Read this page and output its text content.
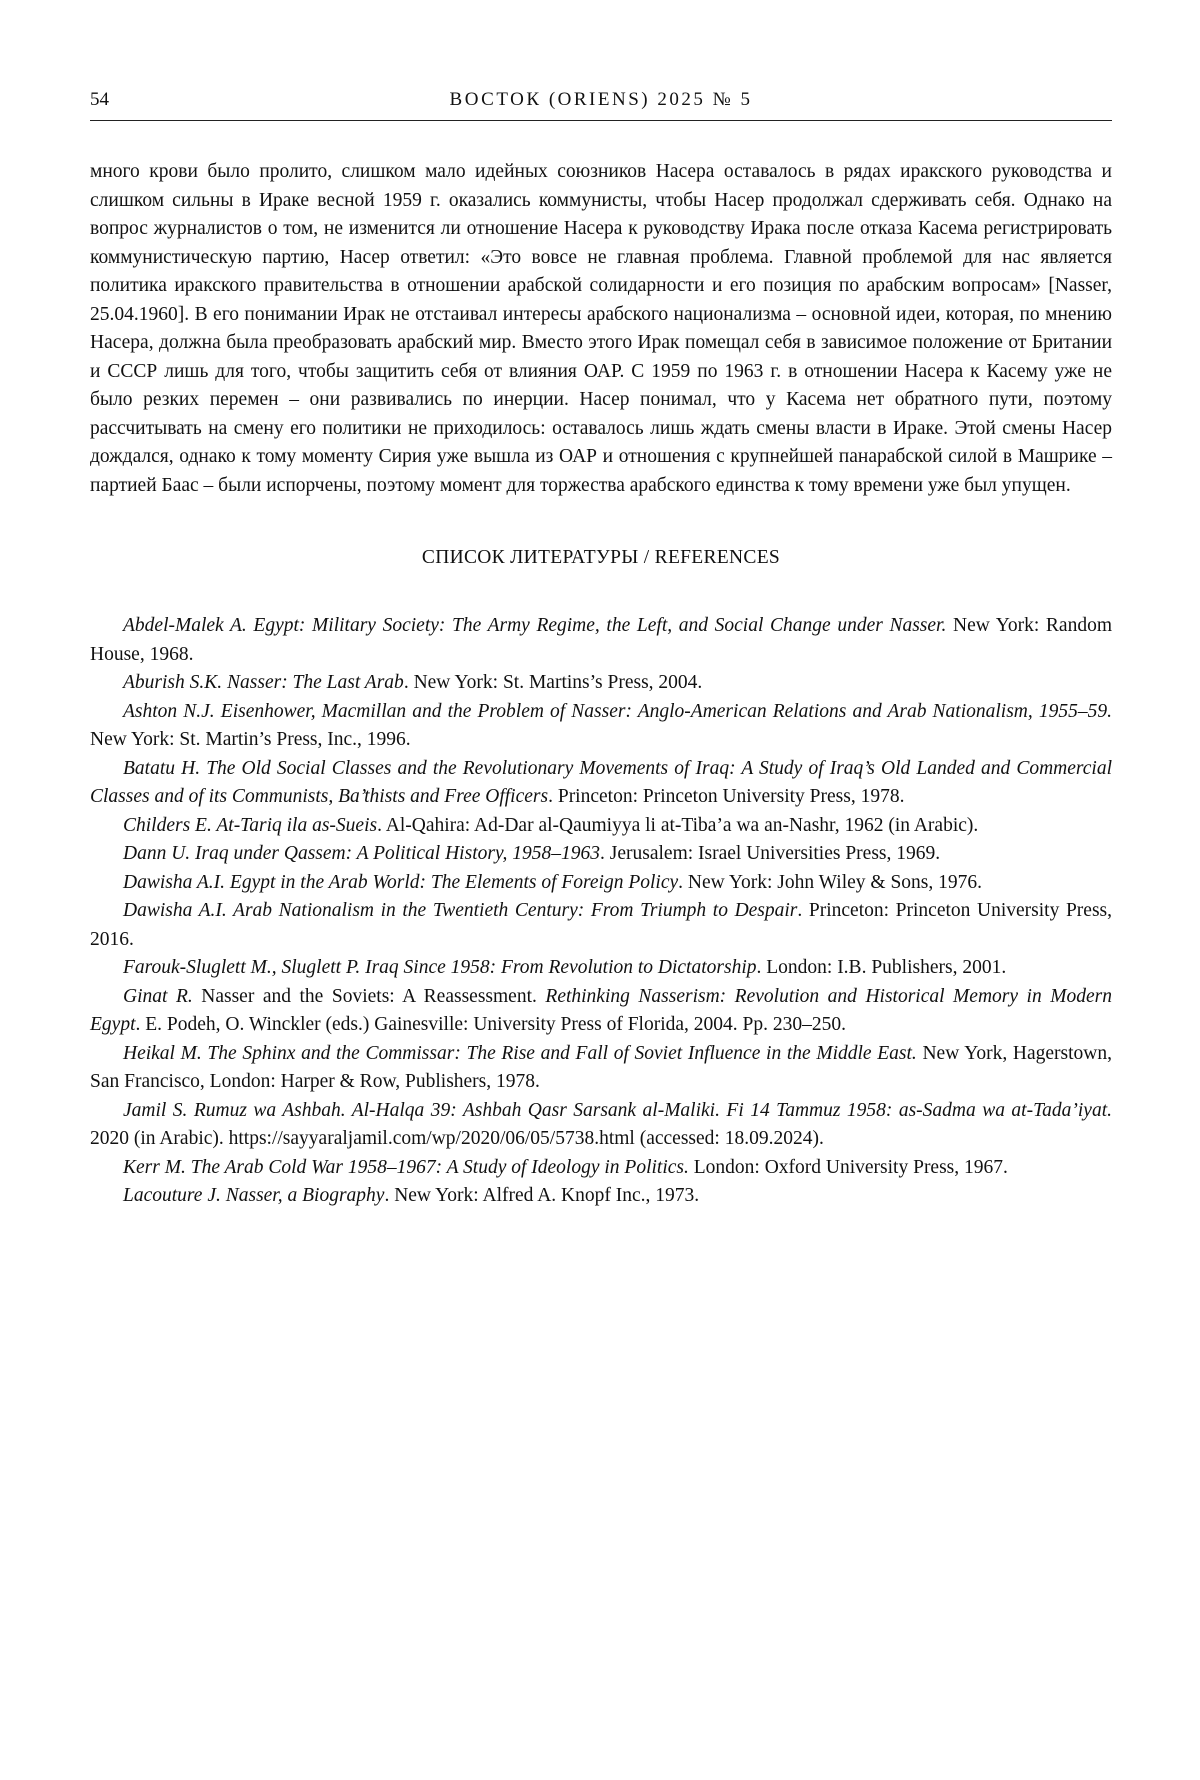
54	ВОСТОК (ORIENS) 2025 № 5

много крови было пролито, слишком мало идейных союзников Насера оставалось в рядах иракского руководства и слишком сильны в Ираке весной 1959 г. оказались коммунисты, чтобы Насер продолжал сдерживать себя. Однако на вопрос журналистов о том, не изменится ли отношение Насера к руководству Ирака после отказа Касема регистрировать коммунистическую партию, Насер ответил: «Это вовсе не главная проблема. Главной проблемой для нас является политика иракского правительства в отношении арабской солидарности и его позиция по арабским вопросам» [Nasser, 25.04.1960]. В его понимании Ирак не отстаивал интересы арабского национализма – основной идеи, которая, по мнению Насера, должна была преобразовать арабский мир. Вместо этого Ирак помещал себя в зависимое положение от Британии и СССР лишь для того, чтобы защитить себя от влияния ОАР. С 1959 по 1963 г. в отношении Насера к Касему уже не было резких перемен – они развивались по инерции. Насер понимал, что у Касема нет обратного пути, поэтому рассчитывать на смену его политики не приходилось: оставалось лишь ждать смены власти в Ираке. Этой смены Насер дождался, однако к тому моменту Сирия уже вышла из ОАР и отношения с крупнейшей панарабской силой в Машрике – партией Баас – были испорчены, поэтому момент для торжества арабского единства к тому времени уже был упущен.

СПИСОК ЛИТЕРАТУРЫ / REFERENCES

Abdel-Malek A. Egypt: Military Society: The Army Regime, the Left, and Social Change under Nasser. New York: Random House, 1968.

Aburish S.K. Nasser: The Last Arab. New York: St. Martins’s Press, 2004.

Ashton N.J. Eisenhower, Macmillan and the Problem of Nasser: Anglo-American Relations and Arab Nationalism, 1955–59. New York: St. Martin’s Press, Inc., 1996.

Batatu H. The Old Social Classes and the Revolutionary Movements of Iraq: A Study of Iraq’s Old Landed and Commercial Classes and of its Communists, Ba’thists and Free Officers. Princeton: Princeton University Press, 1978.

Childers E. At-Tariq ila as-Sueis. Al-Qahira: Ad-Dar al-Qaumiyya li at-Tiba’a wa an-Nashr, 1962 (in Arabic).

Dann U. Iraq under Qassem: A Political History, 1958–1963. Jerusalem: Israel Universities Press, 1969.

Dawisha A.I. Egypt in the Arab World: The Elements of Foreign Policy. New York: John Wiley & Sons, 1976.

Dawisha A.I. Arab Nationalism in the Twentieth Century: From Triumph to Despair. Princeton: Princeton University Press, 2016.

Farouk-Sluglett M., Sluglett P. Iraq Since 1958: From Revolution to Dictatorship. London: I.B. Publishers, 2001.

Ginat R. Nasser and the Soviets: A Reassessment. Rethinking Nasserism: Revolution and Historical Memory in Modern Egypt. E. Podeh, O. Winckler (eds.) Gainesville: University Press of Florida, 2004. Pp. 230–250.

Heikal M. The Sphinx and the Commissar: The Rise and Fall of Soviet Influence in the Middle East. New York, Hagerstown, San Francisco, London: Harper & Row, Publishers, 1978.

Jamil S. Rumuz wa Ashbah. Al-Halqa 39: Ashbah Qasr Sarsank al-Maliki. Fi 14 Tammuz 1958: as-Sadma wa at-Tada’iyat. 2020 (in Arabic). https://sayyaraljamil.com/wp/2020/06/05/5738.html (accessed: 18.09.2024).

Kerr M. The Arab Cold War 1958–1967: A Study of Ideology in Politics. London: Oxford University Press, 1967.

Lacouture J. Nasser, a Biography. New York: Alfred A. Knopf Inc., 1973.
